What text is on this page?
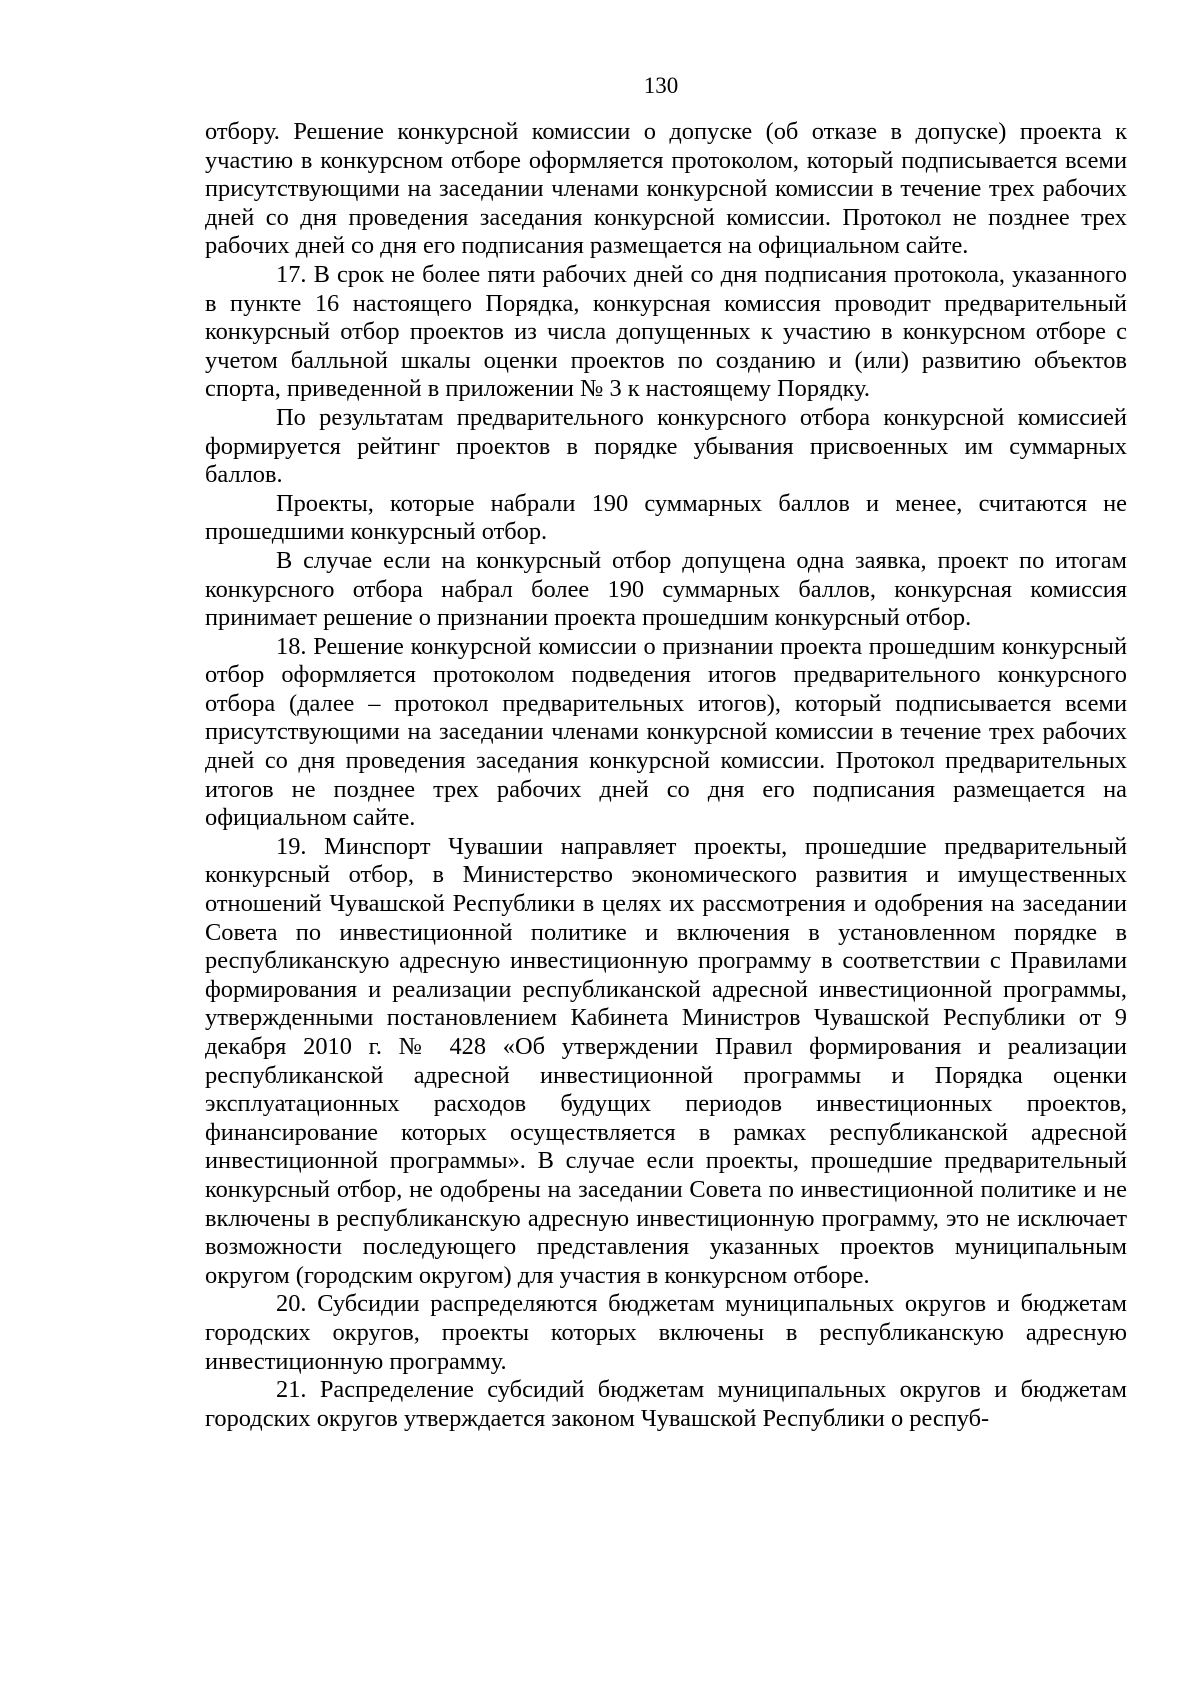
130

отбору. Решение конкурсной комиссии о допуске (об отказе в допуске) проекта к участию в конкурсном отборе оформляется протоколом, который подписывается всеми присутствующими на заседании членами конкурсной комиссии в течение трех рабочих дней со дня проведения заседания конкурсной комиссии. Протокол не позднее трех рабочих дней со дня его подписания размещается на официальном сайте.

17. В срок не более пяти рабочих дней со дня подписания протокола, указанного в пункте 16 настоящего Порядка, конкурсная комиссия проводит предварительный конкурсный отбор проектов из числа допущенных к участию в конкурсном отборе с учетом балльной шкалы оценки проектов по созданию и (или) развитию объектов спорта, приведенной в приложении № 3 к настоящему Порядку.

По результатам предварительного конкурсного отбора конкурсной комиссией формируется рейтинг проектов в порядке убывания присвоенных им суммарных баллов.

Проекты, которые набрали 190 суммарных баллов и менее, считаются не прошедшими конкурсный отбор.

В случае если на конкурсный отбор допущена одна заявка, проект по итогам конкурсного отбора набрал более 190 суммарных баллов, конкурсная комиссия принимает решение о признании проекта прошедшим конкурсный отбор.

18. Решение конкурсной комиссии о признании проекта прошедшим конкурсный отбор оформляется протоколом подведения итогов предварительного конкурсного отбора (далее – протокол предварительных итогов), который подписывается всеми присутствующими на заседании членами конкурсной комиссии в течение трех рабочих дней со дня проведения заседания конкурсной комиссии. Протокол предварительных итогов не позднее трех рабочих дней со дня его подписания размещается на официальном сайте.

19. Минспорт Чувашии направляет проекты, прошедшие предварительный конкурсный отбор, в Министерство экономического развития и имущественных отношений Чувашской Республики в целях их рассмотрения и одобрения на заседании Совета по инвестиционной политике и включения в установленном порядке в республиканскую адресную инвестиционную программу в соответствии с Правилами формирования и реализации республиканской адресной инвестиционной программы, утвержденными постановлением Кабинета Министров Чувашской Республики от 9 декабря 2010 г. № 428 «Об утверждении Правил формирования и реализации республиканской адресной инвестиционной программы и Порядка оценки эксплуатационных расходов будущих периодов инвестиционных проектов, финансирование которых осуществляется в рамках республиканской адресной инвестиционной программы». В случае если проекты, прошедшие предварительный конкурсный отбор, не одобрены на заседании Совета по инвестиционной политике и не включены в республиканскую адресную инвестиционную программу, это не исключает возможности последующего представления указанных проектов муниципальным округом (городским округом) для участия в конкурсном отборе.

20. Субсидии распределяются бюджетам муниципальных округов и бюджетам городских округов, проекты которых включены в республиканскую адресную инвестиционную программу.

21. Распределение субсидий бюджетам муниципальных округов и бюджетам городских округов утверждается законом Чувашской Республики о респуб-
